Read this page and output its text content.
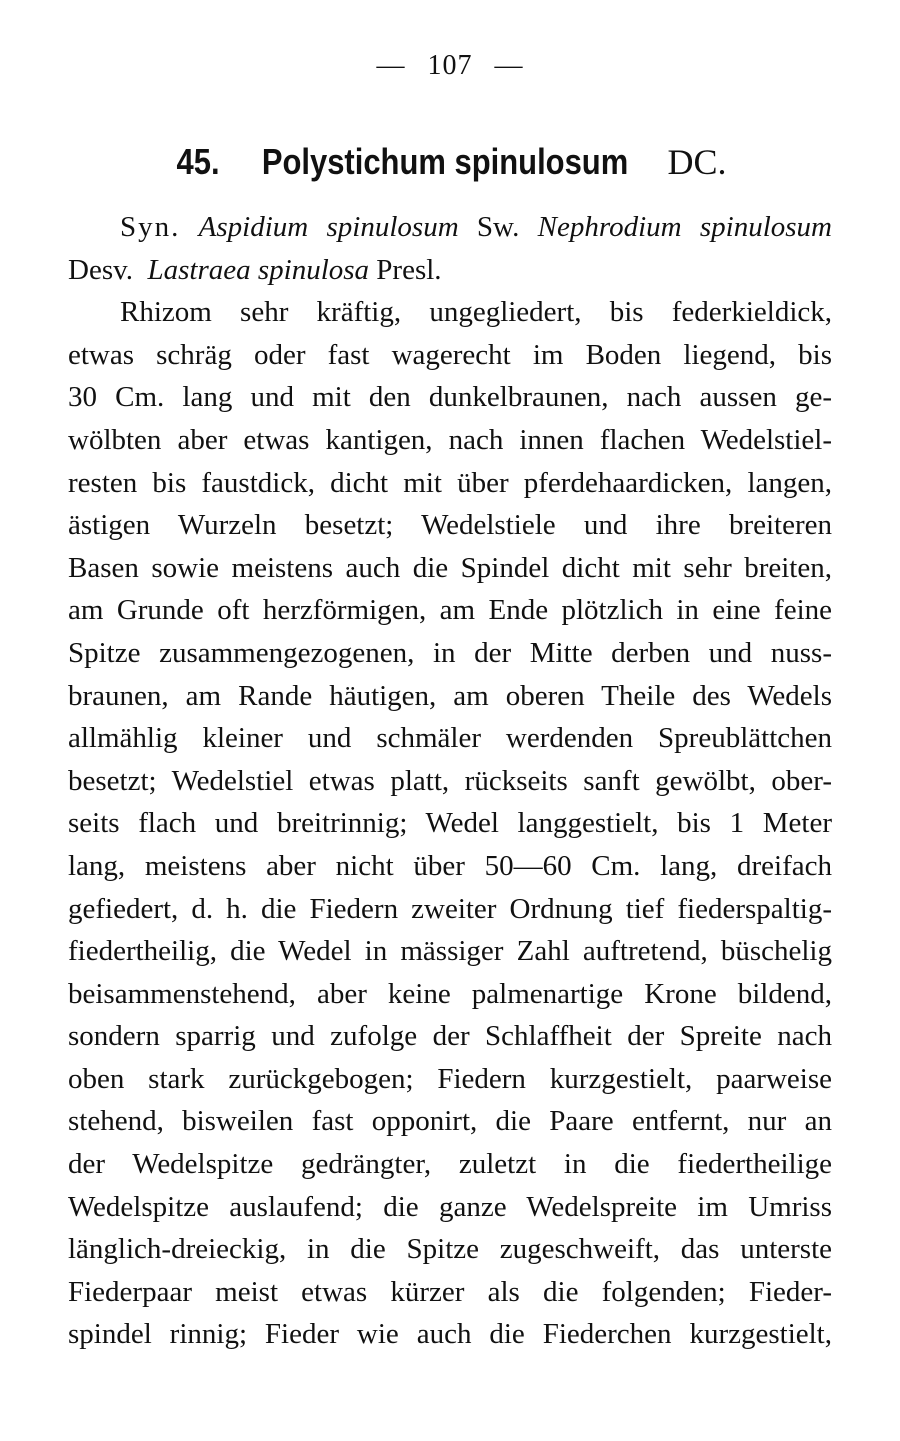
— 107 —
45. Polystichum spinulosum DC.
Syn. Aspidium spinulosum Sw. Nephrodium spinulosum
Desv. Lastraea spinulosa Presl.
Rhizom sehr kräftig, ungegliedert, bis federkieldick,
etwas schräg oder fast wagerecht im Boden liegend, bis
30 Cm. lang und mit den dunkelbraunen, nach aussen ge-
wölbten aber etwas kantigen, nach innen flachen Wedelstiel-
resten bis faustdick, dicht mit über pferdehaardicken, langen,
ästigen Wurzeln besetzt; Wedelstiele und ihre breiteren
Basen sowie meistens auch die Spindel dicht mit sehr breiten,
am Grunde oft herzförmigen, am Ende plötzlich in eine feine
Spitze zusammengezogenen, in der Mitte derben und nuss-
braunen, am Rande häutigen, am oberen Theile des Wedels
allmählig kleiner und schmäler werdenden Spreublättchen
besetzt; Wedelstiel etwas platt, rückseits sanft gewölbt, ober-
seits flach und breitrinnig; Wedel langgestielt, bis 1 Meter
lang, meistens aber nicht über 50—60 Cm. lang, dreifach
gefiedert, d. h. die Fiedern zweiter Ordnung tief fiederspaltig-
fiedertheilig, die Wedel in mässiger Zahl auftretend, büschelig
beisammenstehend, aber keine palmenartige Krone bildend,
sondern sparrig und zufolge der Schlaffheit der Spreite nach
oben stark zurückgebogen; Fiedern kurzgestielt, paarweise
stehend, bisweilen fast opponirt, die Paare entfernt, nur an
der Wedelspitze gedrängter, zuletzt in die fiedertheilige
Wedelspitze auslaufend; die ganze Wedelspreite im Umriss
länglich-dreieckig, in die Spitze zugeschweift, das unterste
Fiederpaar meist etwas kürzer als die folgenden; Fieder-
spindel rinnig; Fieder wie auch die Fiederchen kurzgestielt,
